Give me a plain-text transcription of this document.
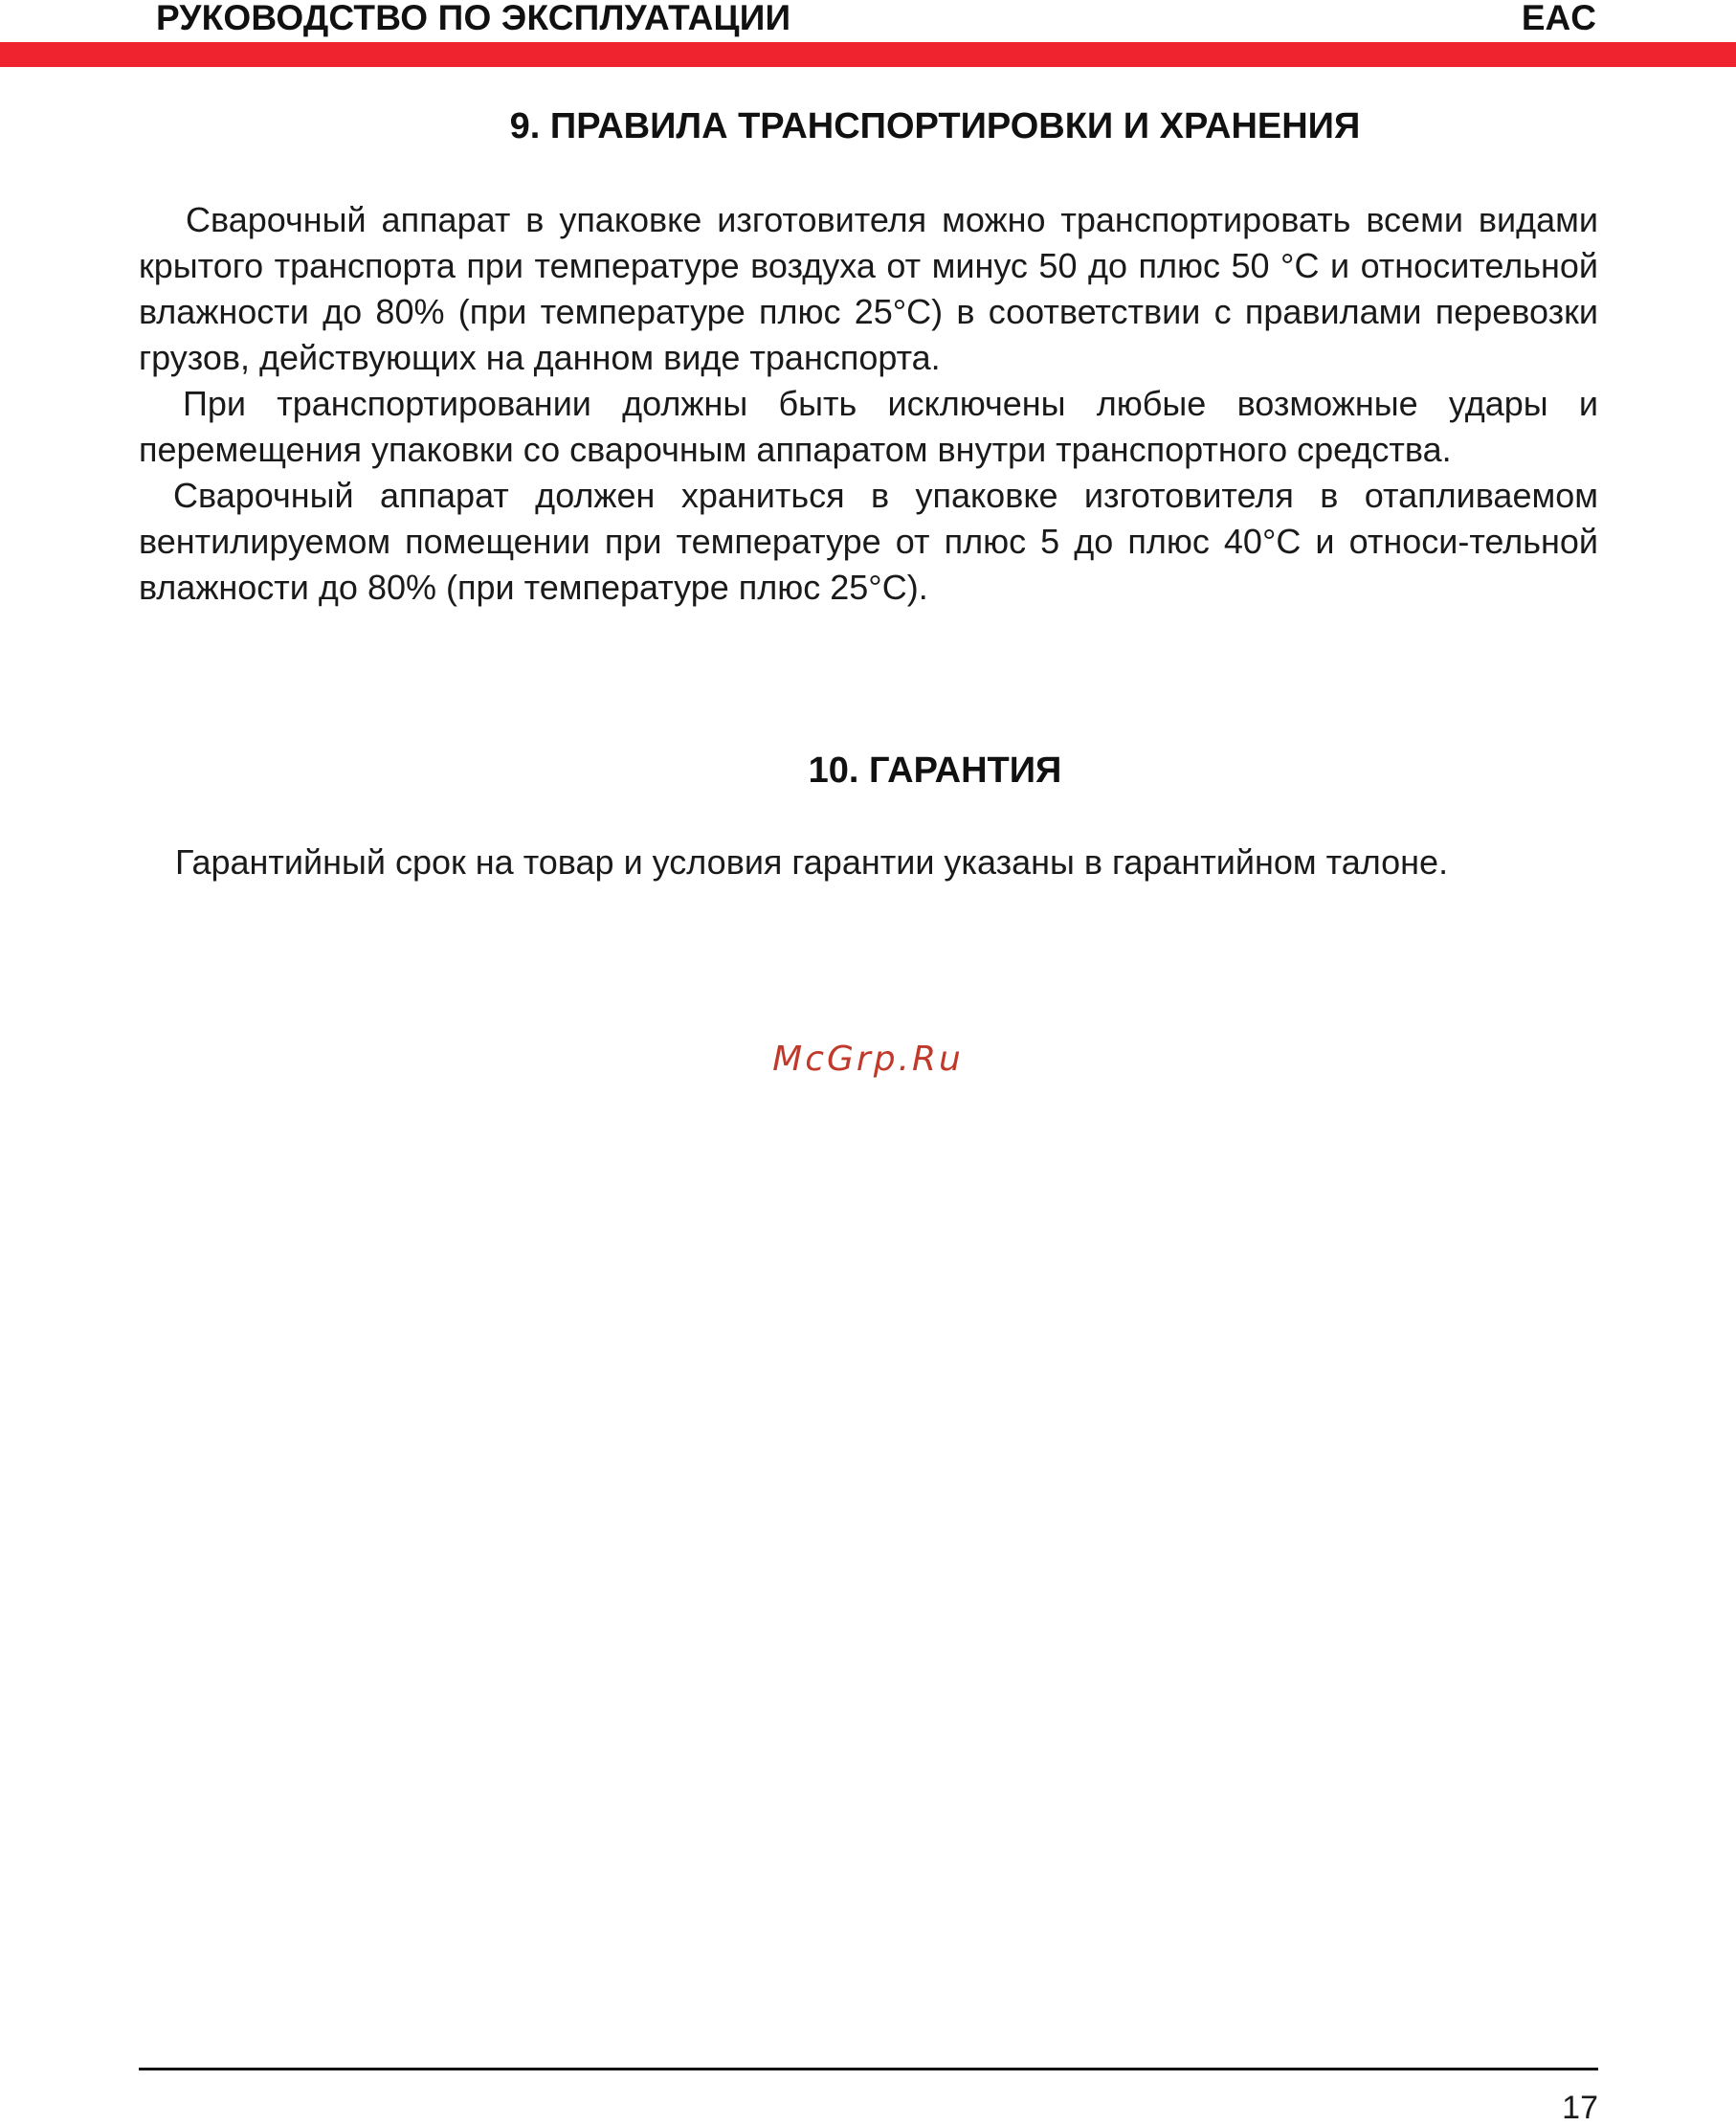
РУКОВОДСТВО ПО ЭКСПЛУАТАЦИИ	EAC
9. ПРАВИЛА ТРАНСПОРТИРОВКИ И ХРАНЕНИЯ

Сварочный аппарат в упаковке изготовителя можно транспортировать всеми видами крытого транспорта при температуре воздуха от минус 50 до плюс 50 °С и относительной влажности до 80% (при температуре плюс 25°С) в соответствии с правилами перевозки грузов, действующих на данном виде транспорта.

При транспортировании должны быть исключены любые возможные удары и перемещения упаковки со сварочным аппаратом внутри транспортного средства.

Сварочный аппарат должен храниться в упаковке изготовителя в отапливаемом вентилируемом помещении при температуре от плюс 5 до плюс 40°С и относи-тельной влажности до 80% (при температуре плюс 25°С).

10. ГАРАНТИЯ
Гарантийный срок на товар и условия гарантии указаны в гарантийном талоне.
McGrp.Ru
17
